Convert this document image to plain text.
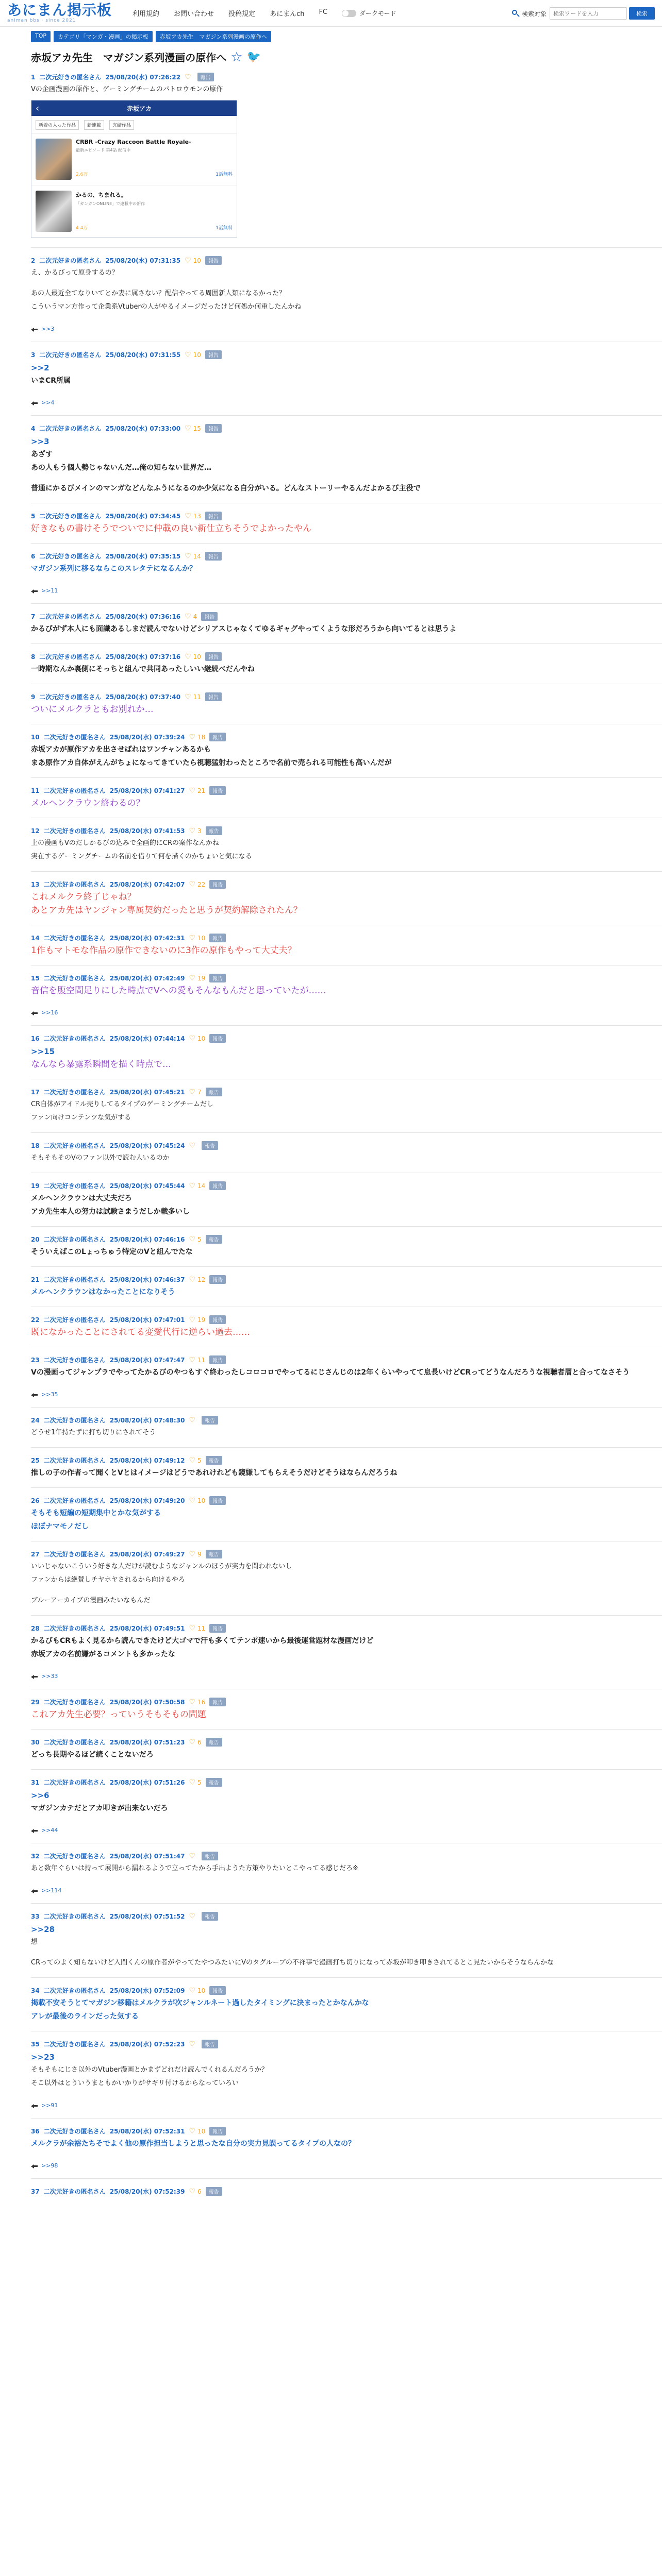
あにまん掲示板
animan bbs · since 2021
利用規約 お問い合わせ 投稿規定 あにまんch FC	ダークモード	検索対象
検索ワードを入力	検索
TOP	カテゴリ「マンガ・漫画」の掲示板	赤坂アカ先生　マガジン系列漫画の原作へ
赤坂アカ先生　マガジン系列漫画の原作へ ☆ 🐦
1 二次元好きの匿名さん 25/08/20(水) 07:26:22 ♡	報告
Vの企画漫画の原作と、ゲーミングチームのパトロウモンの原作
‹	赤坂アカ
新着の入った作品	新連載	完結作品
CRBR -Crazy Raccoon Battle Royale-
最新エピソード 第4話 配信中
2.6万	1話無料
かるの、ちまれる。
「ガンガンONLINE」で連載中の新作
4.4万	1話無料
2 二次元好きの匿名さん 25/08/20(水) 07:31:35 ♡ 10	報告
え、かるびって原身するの？
あの人最近全てなりいてとか妻に属さない？配信やってる周囲新人類になるかった？
こういうマン方作って企業系Vtuberの人がやるイメージだったけど何処か何重したんかね
>>3
3 二次元好きの匿名さん 25/08/20(水) 07:31:55 ♡ 10	報告
>>2
いまCR所属
>>4
4 二次元好きの匿名さん 25/08/20(水) 07:33:00 ♡ 15	報告
>>3
あざす
あの人もう個人勢じゃないんだ…俺の知らない世界だ…
普通にかるびメインのマンガなどんなふうになるのか少気になる自分がいる。どんなストーリーやるんだよかるび主役で
5 二次元好きの匿名さん 25/08/20(水) 07:34:45 ♡ 13	報告
好きなもの書けそうでついでに仲載の良い新仕立ちそうでよかったやん
6 二次元好きの匿名さん 25/08/20(水) 07:35:15 ♡ 14	報告
マガジン系列に移るならこのスレタテになるんか？
>>11
7 二次元好きの匿名さん 25/08/20(水) 07:36:16 ♡ 4	報告
かるびがず本人にも面識あるしまだ読んでないけどシリアスじゃなくてゆるギャグやってくような形だろうから向いてるとは思うよ
8 二次元好きの匿名さん 25/08/20(水) 07:37:16 ♡ 10	報告
一時期なんか裏側にそっちと組んで共同あったしいい継続べだんやね
9 二次元好きの匿名さん 25/08/20(水) 07:37:40 ♡ 11	報告
ついにメルクラともお別れか…
10 二次元好きの匿名さん 25/08/20(水) 07:39:24 ♡ 18	報告
赤坂アカが原作アカを出させばれはワンチャンあるかも
まあ原作アカ自体がえんがちょになってきていたら視聴猛射わったところで名前で売られる可能性も高いんだが
11 二次元好きの匿名さん 25/08/20(水) 07:41:27 ♡ 21	報告
メルヘンクラウン終わるの？
12 二次元好きの匿名さん 25/08/20(水) 07:41:53 ♡ 3	報告
上の漫画もVのだしかるびの込みで全画的にCRの案作なんかね
実在するゲーミングチームの名前を借りて何を描くのかちょいと気になる
13 二次元好きの匿名さん 25/08/20(水) 07:42:07 ♡ 22	報告
これメルクラ終了じゃね？
あとアカ先はヤンジャン專属契約だったと思うが契約解除されたん？
14 二次元好きの匿名さん 25/08/20(水) 07:42:31 ♡ 10	報告
1作もマトモな作品の原作できないのに3作の原作もやって大丈夫？
15 二次元好きの匿名さん 25/08/20(水) 07:42:49 ♡ 19	報告
音信を腹空間足りにした時点でVへの愛もそんなもんだと思っていたが……
>>16
16 二次元好きの匿名さん 25/08/20(水) 07:44:14 ♡ 10	報告
>>15
なんなら暴露系瞬間を描く時点で…
17 二次元好きの匿名さん 25/08/20(水) 07:45:21 ♡ 7	報告
CR自体がアイドル売りしてるタイプのゲーミングチームだし
ファン向けコンテンツな気がする
18 二次元好きの匿名さん 25/08/20(水) 07:45:24 ♡	報告
そもそもそのVのファン以外で読む人いるのか
19 二次元好きの匿名さん 25/08/20(水) 07:45:44 ♡ 14	報告
メルヘンクラウンは大丈夫だろ
アカ先生本人の努力は試験さまうだしか載多いし
20 二次元好きの匿名さん 25/08/20(水) 07:46:16 ♡ 5	報告
そういえばこのLょっちゅう特定のVと組んでたな
21 二次元好きの匿名さん 25/08/20(水) 07:46:37 ♡ 12	報告
メルヘンクラウンはなかったことになりそう
22 二次元好きの匿名さん 25/08/20(水) 07:47:01 ♡ 19	報告
既になかったことにされてる変愛代行に逆らい過去……
23 二次元好きの匿名さん 25/08/20(水) 07:47:47 ♡ 11	報告
Vの漫画ってジャンプラでやってたかるびのやつもすぐ終わったしコロコロでやってるにじさんじのは2年くらいやってて息長いけどCRってどうなんだろうな視聴者層と合ってなさそう
>>35
24 二次元好きの匿名さん 25/08/20(水) 07:48:30 ♡	報告
どうせ1年持たずに打ち切りにされてそう
25 二次元好きの匿名さん 25/08/20(水) 07:49:12 ♡ 5	報告
推しの子の作者って聞くとVとはイメージはどうであれけれども鏡嫌してもらえそうだけどそうはならんだろうね
26 二次元好きの匿名さん 25/08/20(水) 07:49:20 ♡ 10	報告
そもそも短編の短期集中とかな気がする
ほぼナマモノだし
27 二次元好きの匿名さん 25/08/20(水) 07:49:27 ♡ 9	報告
いいじゃないこういう好きな人だけが読むようなジャンルのほうが実力を問われないし
ファンからは絶賛しチヤホヤされるから向けるやろ
ブルーアーカイブの漫画みたいなもんだ
28 二次元好きの匿名さん 25/08/20(水) 07:49:51 ♡ 11	報告
かるびもCRもよく見るから読んできたけど大ゴマで汗も多くてテンポ速いから最後運営題材な漫画だけど
赤坂アカの名前嫌がるコメントも多かったな
>>33
29 二次元好きの匿名さん 25/08/20(水) 07:50:58 ♡ 16	報告
これアカ先生必要？っていうそもそもの問題
30 二次元好きの匿名さん 25/08/20(水) 07:51:23 ♡ 6	報告
どっち長期やるほど続くことないだろ
31 二次元好きの匿名さん 25/08/20(水) 07:51:26 ♡ 5	報告
>>6
マガジンカテだとアカ叩きが出来ないだろ
>>44
32 二次元好きの匿名さん 25/08/20(水) 07:51:47 ♡	報告
あと数年ぐらいは持って展開から漏れるようで立ってたから手出ようた方策やりたいとこやってる感じだろ※
>>114
33 二次元好きの匿名さん 25/08/20(水) 07:51:52 ♡	報告
>>28
想
CRってのよく知らないけど入間くんの原作者がやってたやつみたいにVのタグループの不祥事で漫画打ち切りになって赤坂が叩き叩きされてるとこ見たいからそうならんかな
34 二次元好きの匿名さん 25/08/20(水) 07:52:09 ♡ 10	報告
掲載不安そうとてマガジン移籍はメルクラが次ジャンルネート過したタイミングに決まったとかなんかな
アレが最後のラインだった気する
35 二次元好きの匿名さん 25/08/20(水) 07:52:23 ♡	報告
>>23
そもそもにじさ以外のVtuber漫画とかまずどれだけ読んでくれるんだろうか？
そこ以外はとういうまともかいかりがサギリ付けるからなっていろい
>>91
36 二次元好きの匿名さん 25/08/20(水) 07:52:31 ♡ 10	報告
メルクラが余裕たちそでよく他の原作担当しようと思ったな自分の実力見誤ってるタイプの人なの？
>>98
37 二次元好きの匿名さん 25/08/20(水) 07:52:39 ♡ 6	報告
